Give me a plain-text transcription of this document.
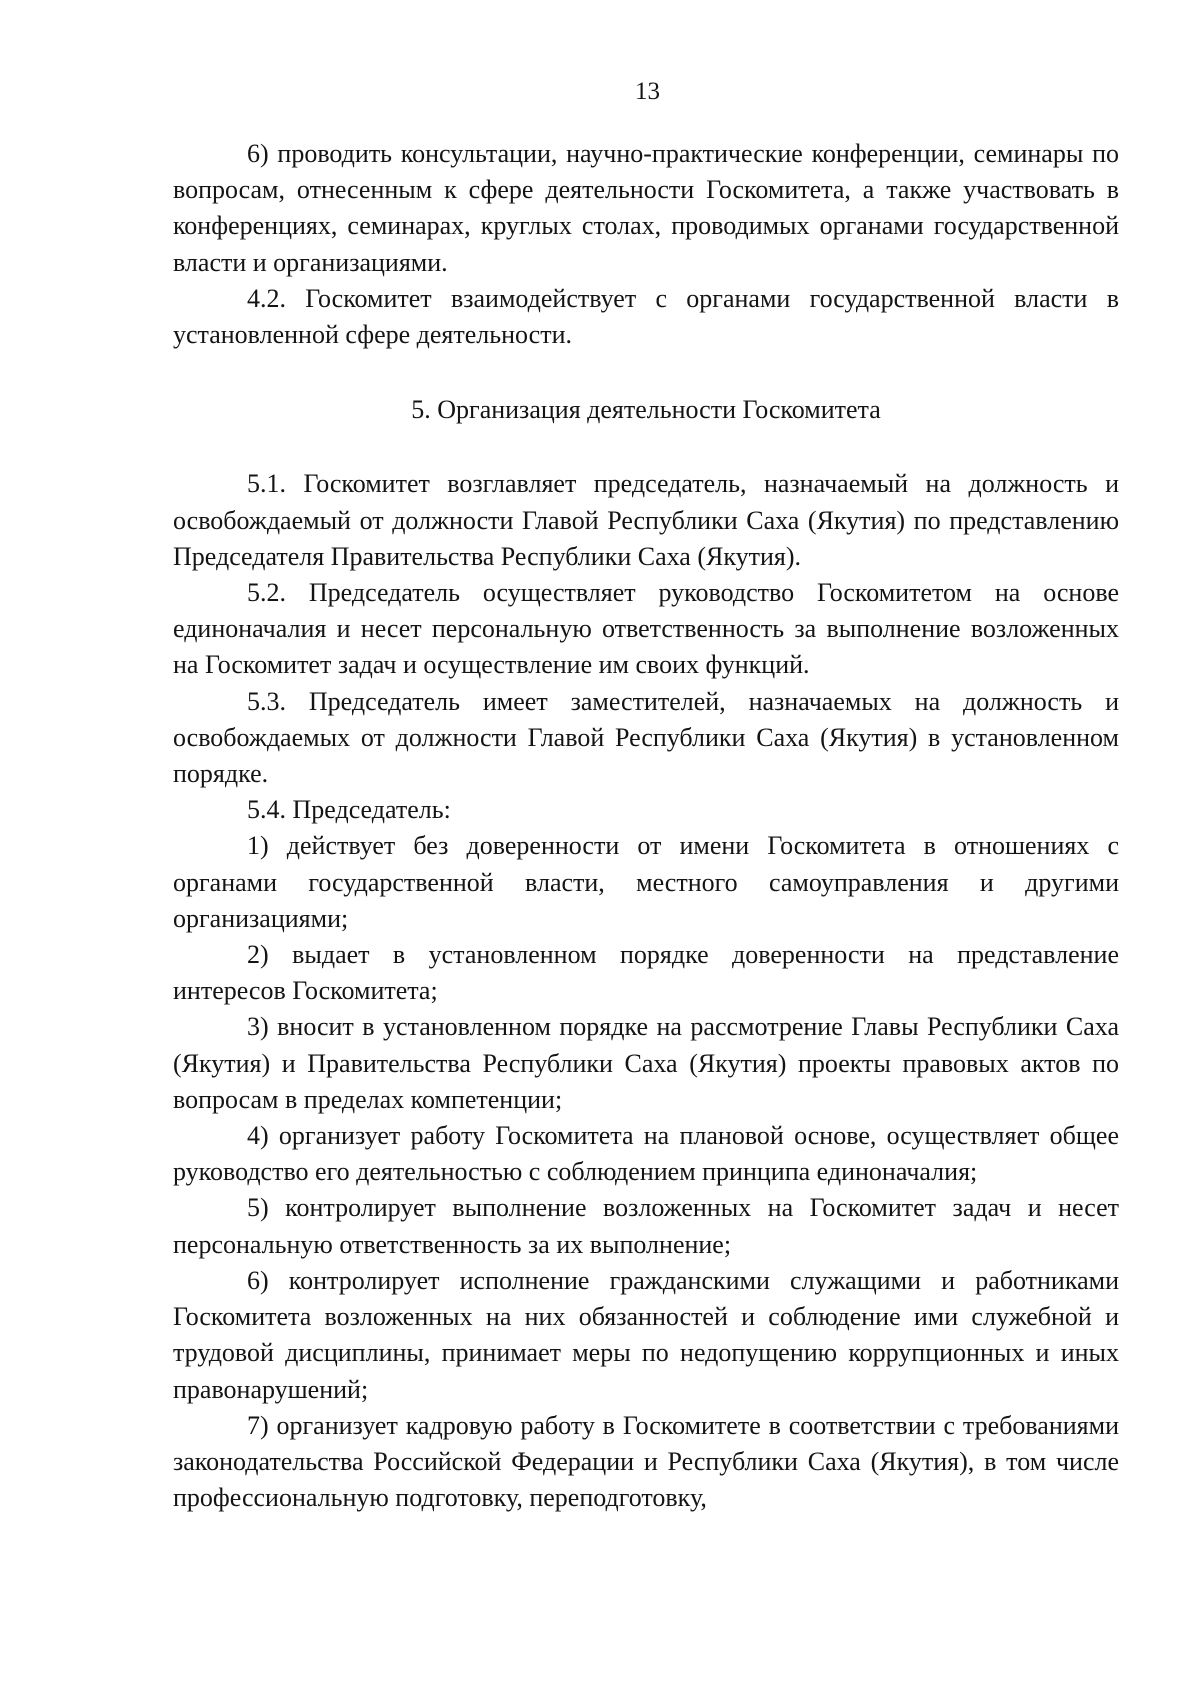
13

6) проводить консультации, научно-практические конференции, семинары по вопросам, отнесенным к сфере деятельности Госкомитета, а также участвовать в конференциях, семинарах, круглых столах, проводимых органами государственной власти и организациями.

4.2. Госкомитет взаимодействует с органами государственной власти в установленной сфере деятельности.

5. Организация деятельности Госкомитета

5.1. Госкомитет возглавляет председатель, назначаемый на должность и освобождаемый от должности Главой Республики Саха (Якутия) по представлению Председателя Правительства Республики Саха (Якутия).

5.2. Председатель осуществляет руководство Госкомитетом на основе единоначалия и несет персональную ответственность за выполнение возложенных на Госкомитет задач и осуществление им своих функций.

5.3. Председатель имеет заместителей, назначаемых на должность и освобождаемых от должности Главой Республики Саха (Якутия) в установленном порядке.

5.4. Председатель:

1) действует без доверенности от имени Госкомитета в отношениях с органами государственной власти, местного самоуправления и другими организациями;

2) выдает в установленном порядке доверенности на представление интересов Госкомитета;

3) вносит в установленном порядке на рассмотрение Главы Республики Саха (Якутия) и Правительства Республики Саха (Якутия) проекты правовых актов по вопросам в пределах компетенции;

4) организует работу Госкомитета на плановой основе, осуществляет общее руководство его деятельностью с соблюдением принципа единоначалия;

5) контролирует выполнение возложенных на Госкомитет задач и несет персональную ответственность за их выполнение;

6) контролирует исполнение гражданскими служащими и работниками Госкомитета возложенных на них обязанностей и соблюдение ими служебной и трудовой дисциплины, принимает меры по недопущению коррупционных и иных правонарушений;

7) организует кадровую работу в Госкомитете в соответствии с требованиями законодательства Российской Федерации и Республики Саха (Якутия), в том числе профессиональную подготовку, переподготовку,
